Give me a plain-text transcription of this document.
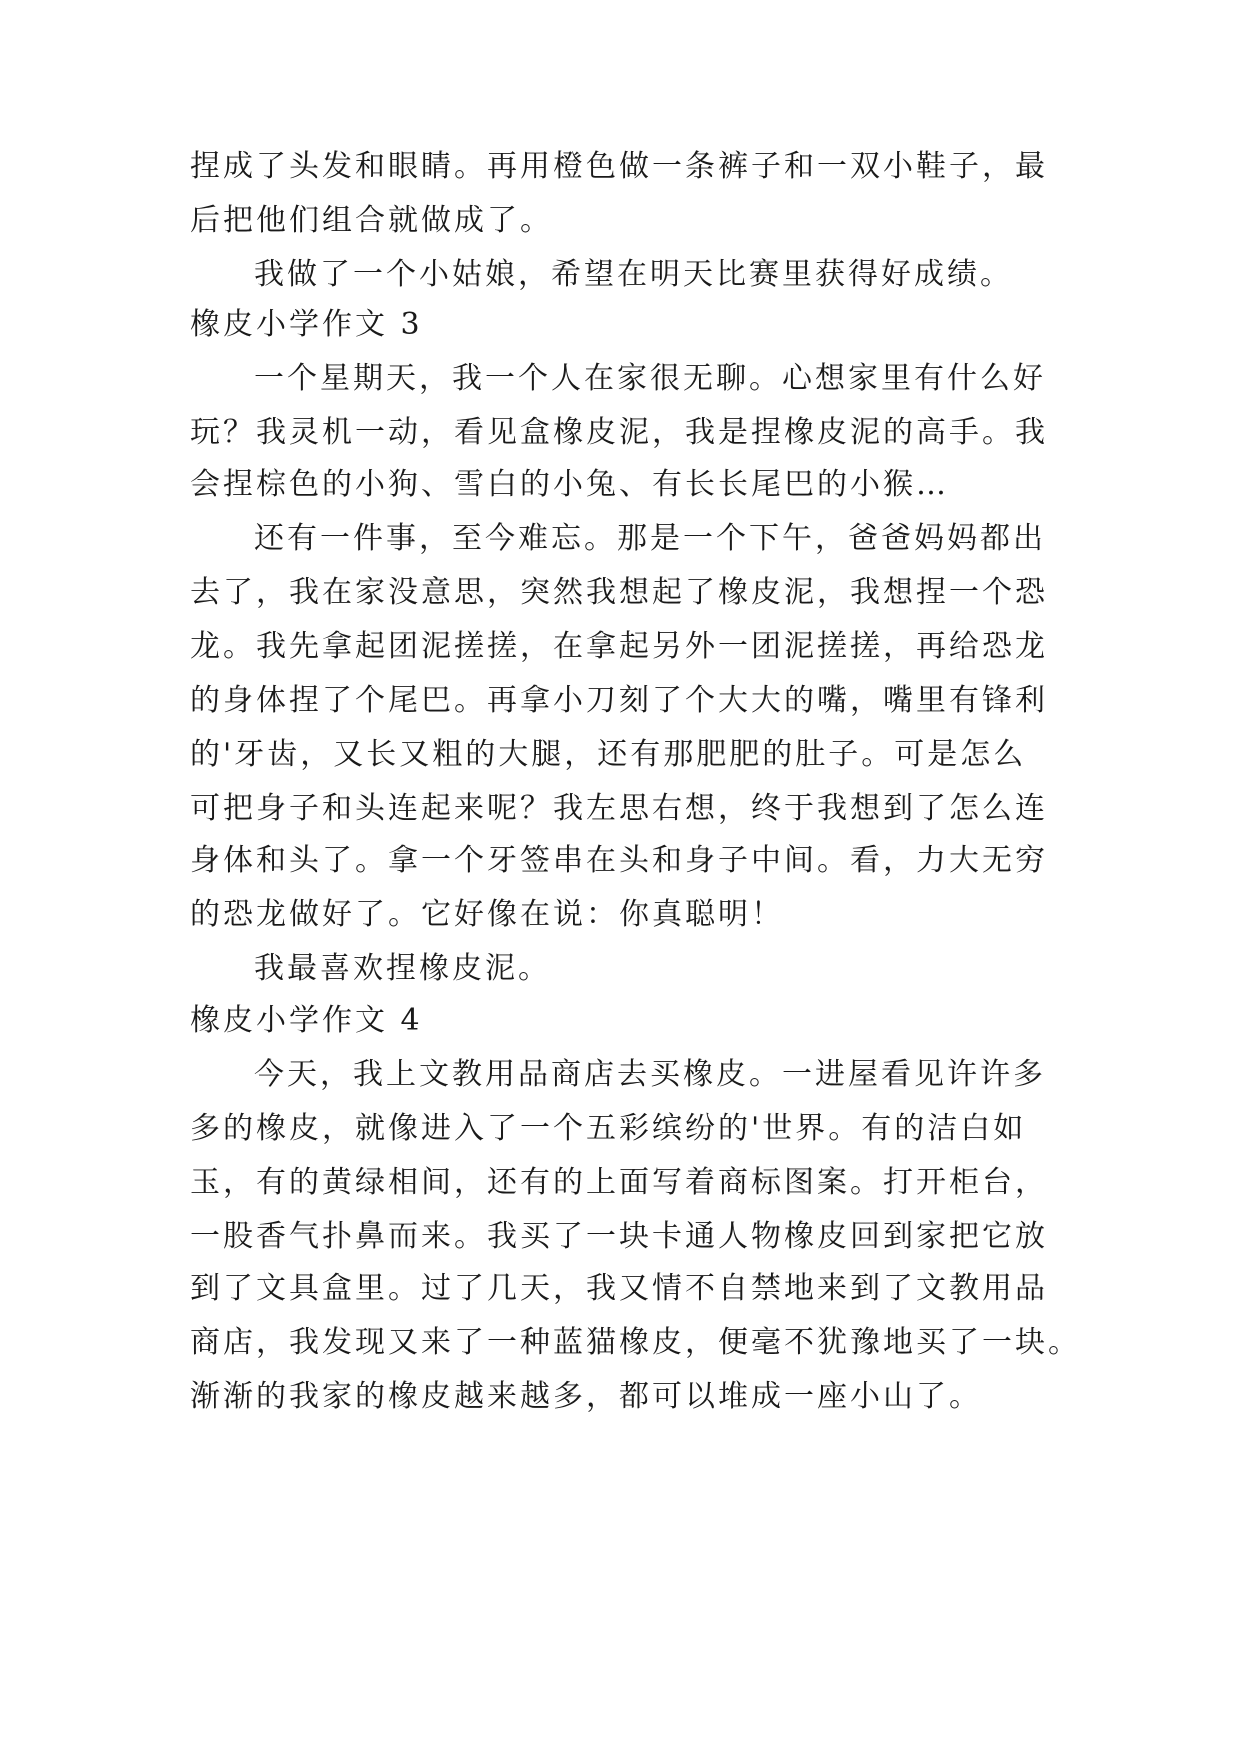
捏成了头发和眼睛。再用橙色做一条裤子和一双小鞋子，最
后把他们组合就做成了。
我做了一个小姑娘，希望在明天比赛里获得好成绩。
橡皮小学作文 3
一个星期天，我一个人在家很无聊。心想家里有什么好
玩？我灵机一动，看见盒橡皮泥，我是捏橡皮泥的高手。我
会捏棕色的小狗、雪白的小兔、有长长尾巴的小猴…
还有一件事，至今难忘。那是一个下午，爸爸妈妈都出
去了，我在家没意思，突然我想起了橡皮泥，我想捏一个恐
龙。我先拿起团泥搓搓，在拿起另外一团泥搓搓，再给恐龙
的身体捏了个尾巴。再拿小刀刻了个大大的嘴，嘴里有锋利
的'牙齿，又长又粗的大腿，还有那肥肥的肚子。可是怎么
可把身子和头连起来呢？我左思右想，终于我想到了怎么连
身体和头了。拿一个牙签串在头和身子中间。看，力大无穷
的恐龙做好了。它好像在说：你真聪明！
我最喜欢捏橡皮泥。
橡皮小学作文 4
今天，我上文教用品商店去买橡皮。一进屋看见许许多
多的橡皮，就像进入了一个五彩缤纷的'世界。有的洁白如
玉，有的黄绿相间，还有的上面写着商标图案。打开柜台，
一股香气扑鼻而来。我买了一块卡通人物橡皮回到家把它放
到了文具盒里。过了几天，我又情不自禁地来到了文教用品
商店，我发现又来了一种蓝猫橡皮，便毫不犹豫地买了一块。
渐渐的我家的橡皮越来越多，都可以堆成一座小山了。
